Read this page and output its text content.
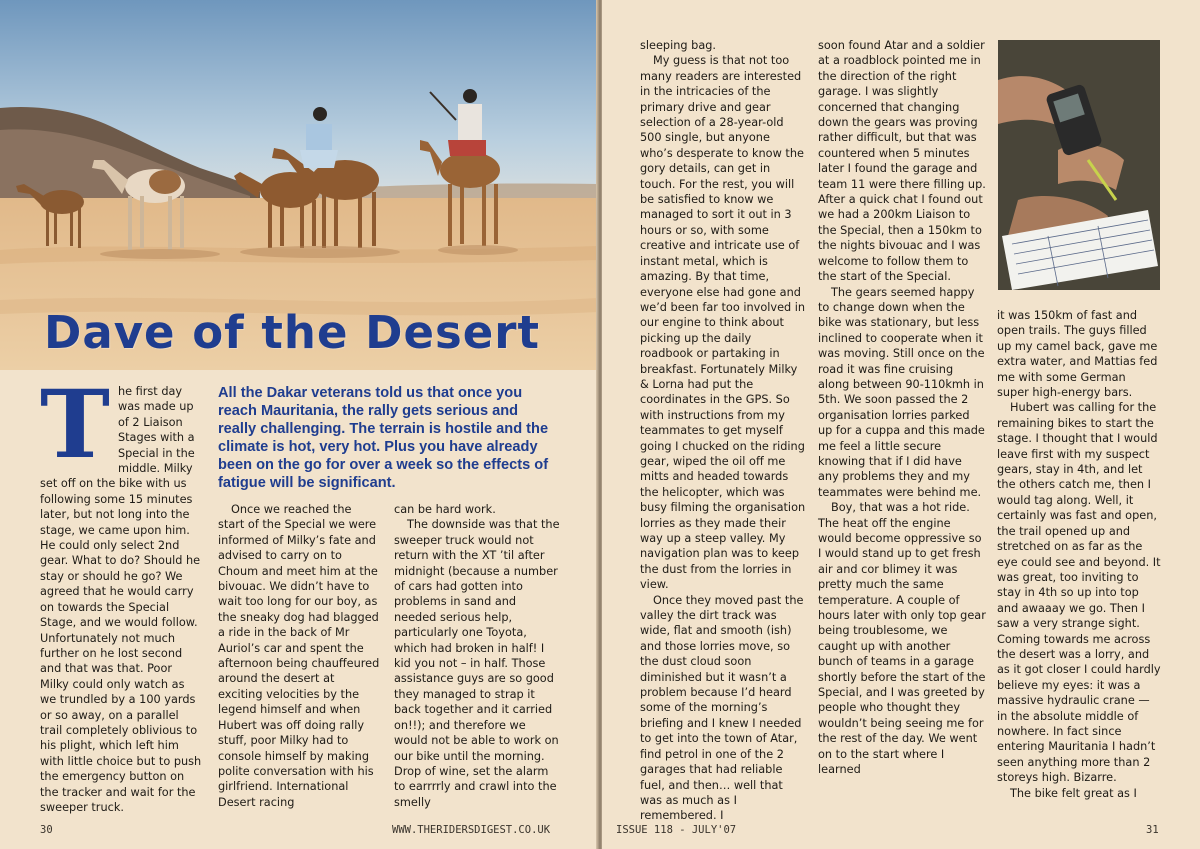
Dave of the Desert
T he first day was made up of 2 Liaison Stages with a Special in the middle. Milky set off on the bike with us following some 15 minutes later, but not long into the stage, we came upon him. He could only select 2nd gear. What to do? Should he stay or should he go? We agreed that he would carry on towards the Special Stage, and we would follow. Unfortunately not much further on he lost second and that was that. Poor Milky could only watch as we trundled by a 100 yards or so away, on a parallel trail completely oblivious to his plight, which left him with little choice but to push the emergency button on the tracker and wait for the sweeper truck.

All the Dakar veterans told us that once you reach Mauritania, the rally gets serious and really challenging. The terrain is hostile and the climate is hot, very hot. Plus you have already been on the go for over a week so the effects of fatigue will be significant.

Once we reached the start of the Special we were informed of Milky’s fate and advised to carry on to Choum and meet him at the bivouac. We didn’t have to wait too long for our boy, as the sneaky dog had blagged a ride in the back of Mr Auriol’s car and spent the afternoon being chauffeured around the desert at exciting velocities by the legend himself and when Hubert was off doing rally stuff, poor Milky had to console himself by making polite conversation with his girlfriend. International Desert racing

can be hard work.

The downside was that the sweeper truck would not return with the XT ’til after midnight (because a number of cars had gotten into problems in sand and needed serious help, particularly one Toyota, which had broken in half! I kid you not – in half. Those assistance guys are so good they managed to strap it back together and it carried on!!); and therefore we would not be able to work on our bike until the morning. Drop of wine, set the alarm to earrrrly and crawl into the smelly

30	WWW.THERIDERSDIGEST.CO.UK

sleeping bag.

My guess is that not too many readers are interested in the intricacies of the primary drive and gear selection of a 28-year-old 500 single, but anyone who’s desperate to know the gory details, can get in touch. For the rest, you will be satisfied to know we managed to sort it out in 3 hours or so, with some creative and intricate use of instant metal, which is amazing. By that time, everyone else had gone and we’d been far too involved in our engine to think about picking up the daily roadbook or partaking in breakfast. Fortunately Milky & Lorna had put the coordinates in the GPS. So with instructions from my teammates to get myself going I chucked on the riding gear, wiped the oil off me mitts and headed towards the helicopter, which was busy filming the organisation lorries as they made their way up a steep valley. My navigation plan was to keep the dust from the lorries in view.

Once they moved past the valley the dirt track was wide, flat and smooth (ish) and those lorries move, so the dust cloud soon diminished but it wasn’t a problem because I’d heard some of the morning’s briefing and I knew I needed to get into the town of Atar, find petrol in one of the 2 garages that had reliable fuel, and then… well that was as much as I remembered. I

soon found Atar and a soldier at a roadblock pointed me in the direction of the right garage. I was slightly concerned that changing down the gears was proving rather difficult, but that was countered when 5 minutes later I found the garage and team 11 were there filling up. After a quick chat I found out we had a 200km Liaison to the Special, then a 150km to the nights bivouac and I was welcome to follow them to the start of the Special.

The gears seemed happy to change down when the bike was stationary, but less inclined to cooperate when it was moving. Still once on the road it was fine cruising along between 90-110kmh in 5th. We soon passed the 2 organisation lorries parked up for a cuppa and this made me feel a little secure knowing that if I did have any problems they and my teammates were behind me.

Boy, that was a hot ride. The heat off the engine would become oppressive so I would stand up to get fresh air and cor blimey it was pretty much the same temperature. A couple of hours later with only top gear being troublesome, we caught up with another bunch of teams in a garage shortly before the start of the Special, and I was greeted by people who thought they wouldn’t being seeing me for the rest of the day. We went on to the start where I learned

it was 150km of fast and open trails. The guys filled up my camel back, gave me extra water, and Mattias fed me with some German super high-energy bars.

Hubert was calling for the remaining bikes to start the stage. I thought that I would leave first with my suspect gears, stay in 4th, and let the others catch me, then I would tag along. Well, it certainly was fast and open, the trail opened up and stretched on as far as the eye could see and beyond. It was great, too inviting to stay in 4th so up into top and awaaay we go. Then I saw a very strange sight. Coming towards me across the desert was a lorry, and as it got closer I could hardly believe my eyes: it was a massive hydraulic crane — in the absolute middle of nowhere. In fact since entering Mauritania I hadn’t seen anything more than 2 storeys high. Bizarre.

The bike felt great as I

ISSUE 118 - JULY'07	31
